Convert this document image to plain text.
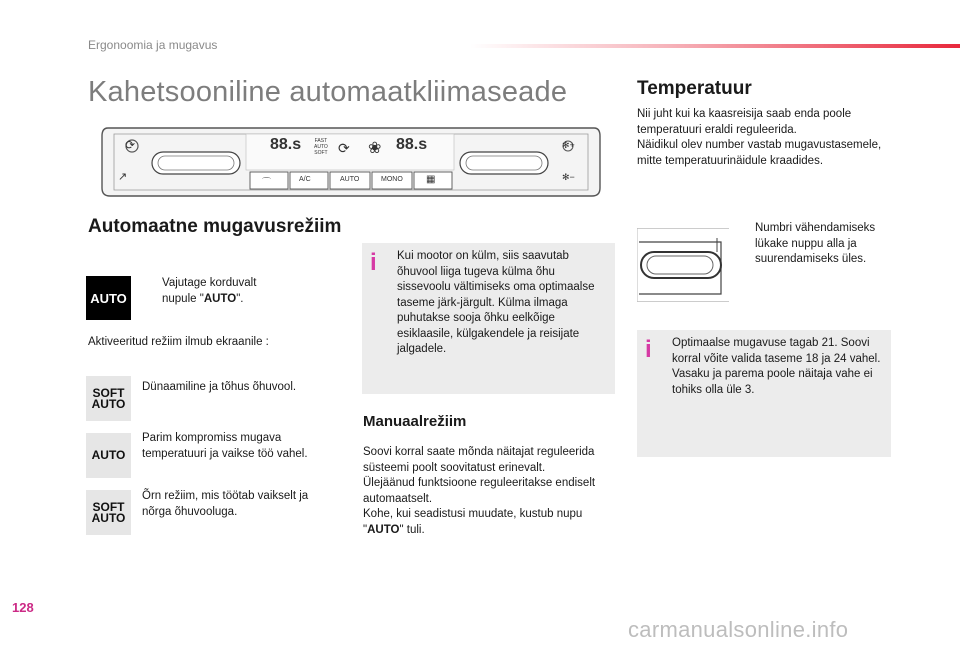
Ergonoomia ja mugavus
Kahetsooniline automaatkliimaseade
88.s	88.s
FAST
AUTO
SOFT ⟳ ❀
⟳
↗
✻+
✻−
⌒	A/C	AUTO	MONO ▦
Automaatne mugavusrežiim
AUTO
Vajutage korduvalt nupule "AUTO".
Aktiveeritud režiim ilmub ekraanile :
SOFT
AUTO
Dünaamiline ja tõhus õhuvool.
AUTO
Parim kompromiss mugava temperatuuri ja vaikse töö vahel.
SOFT
AUTO
Õrn režiim, mis töötab vaikselt ja nõrga õhuvooluga.
i Kui mootor on külm, siis saavutab õhuvool liiga tugeva külma õhu sissevoolu vältimiseks oma optimaalse taseme järk-järgult. Külma ilmaga puhutakse sooja õhku eelkõige esiklaasile, külgakendele ja reisijate jalgadele.
Manuaalrežiim
Soovi korral saate mõnda näitajat reguleerida süsteemi poolt soovitatust erinevalt.
Ülejäänud funktsioone reguleeritakse endiselt automaatselt.
Kohe, kui seadistusi muudate, kustub nupu "AUTO" tuli.
Temperatuur
Nii juht kui ka kaasreisija saab enda poole temperatuuri eraldi reguleerida.
Näidikul olev number vastab mugavustasemele, mitte temperatuurinäidule kraadides.
Numbri vähendamiseks lükake nuppu alla ja suurendamiseks üles.
i Optimaalse mugavuse tagab 21. Soovi korral võite valida taseme 18 ja 24 vahel. Vasaku ja parema poole näitaja vahe ei tohiks olla üle 3.
128
carmanualsonline.info
